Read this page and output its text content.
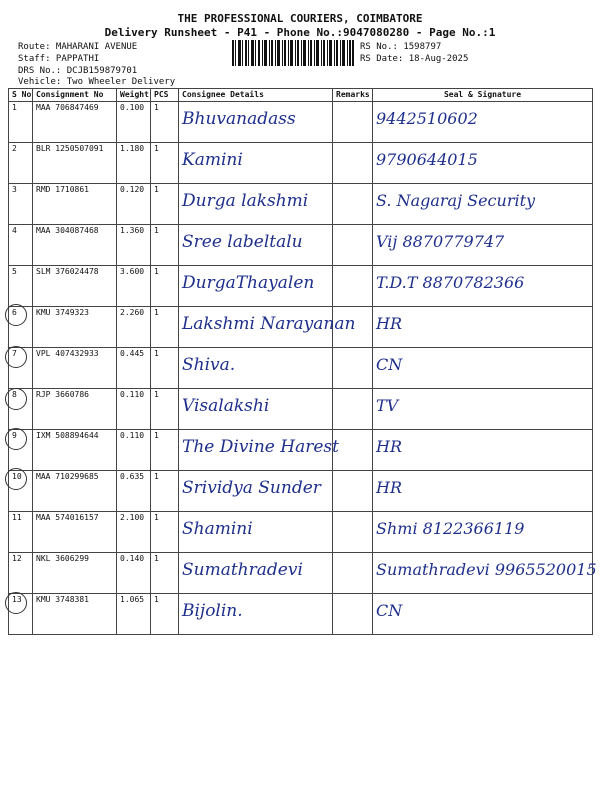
THE PROFESSIONAL COURIERS, COIMBATORE
Delivery Runsheet - P41 - Phone No.:9047080280 - Page No.:1
Route: MAHARANI AVENUE
Staff: PAPPATHI
DRS No.: DCJB159879701
Vehicle: Two Wheeler Delivery
RS No.: 1598797
RS Date: 18-Aug-2025
S No	Consignment No	Weight	PCS	Consignee Details	Remarks	Seal & Signature
1	MAA 706847469	0.100	1	Bhuvanadass		9442510602

2	BLR 1250507091	1.180	1	Kamini		9790644015

3	RMD 1710861	0.120	1	Durga lakshmi		S. Nagaraj Security

4	MAA 304087468	1.360	1	Sree labeltalu		Vij 8870779747

5	SLM 376024478	3.600	1	DurgaThayalen		T.D.T 8870782366

6	KMU 3749323	2.260	1	Lakshmi Narayanan		HR

7	VPL 407432933	0.445	1	Shiva.		CN

8	RJP 3660786	0.110	1	Visalakshi		TV

9	IXM 508894644	0.110	1	The Divine Harest		HR

10	MAA 710299685	0.635	1	Srividya Sunder		HR

11	MAA 574016157	2.100	1	Shamini		Shmi 8122366119

12	NKL 3606299	0.140	1	Sumathradevi		Sumathradevi 9965520015

13	KMU 3748381	1.065	1	Bijolin.		CN
